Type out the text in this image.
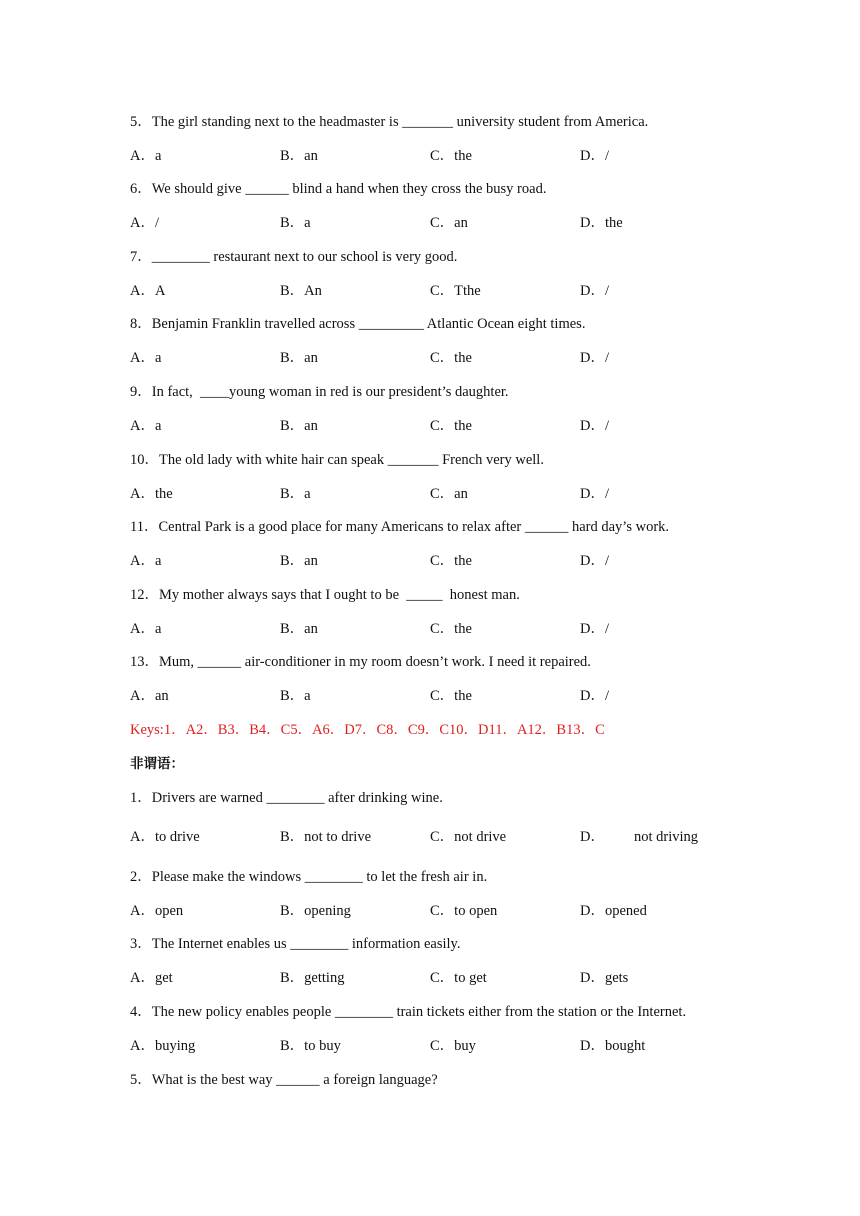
5．The girl standing next to the headmaster is _______ university student from America.
A．a	B．an	C．the	D．/
6．We should give ______ blind a hand when they cross the busy road.
A．/	B．a	C．an	D．the
7．________ restaurant next to our school is very good.
A．A	B．An	C．Tthe	D．/
8．Benjamin Franklin travelled across _________ Atlantic Ocean eight times.
A．a	B．an	C．the	D．/
9．In fact,  ____young woman in red is our president’s daughter.
A．a	B．an	C．the	D．/
10．The old lady with white hair can speak _______ French very well.
A．the	B．a	C．an	D．/
11．Central Park is a good place for many Americans to relax after ______ hard day’s work.
A．a	B．an	C．the	D．/
12．My mother always says that I ought to be  _____  honest man.
A．a	B．an	C．the	D．/
13．Mum, ______ air-conditioner in my room doesn’t work. I need it repaired.
A．an	B．a	C．the	D．/
Keys:1．A2．B3．B4．C5．A6．D7．C8．C9．C10．D11．A12．B13．C
非谓语：
1．Drivers are warned ________ after drinking wine.
A．to drive	B．not to drive	C．not drive	D．        not driving
2．Please make the windows ________ to let the fresh air in.
A．open	B．opening	C．to open	D．opened
3．The Internet enables us ________ information easily.
A．get	B．getting	C．to get	D．gets
4．The new policy enables people ________ train tickets either from the station or the Internet.
A．buying	B．to buy	C．buy	D．bought
5．What is the best way ______ a foreign language?
